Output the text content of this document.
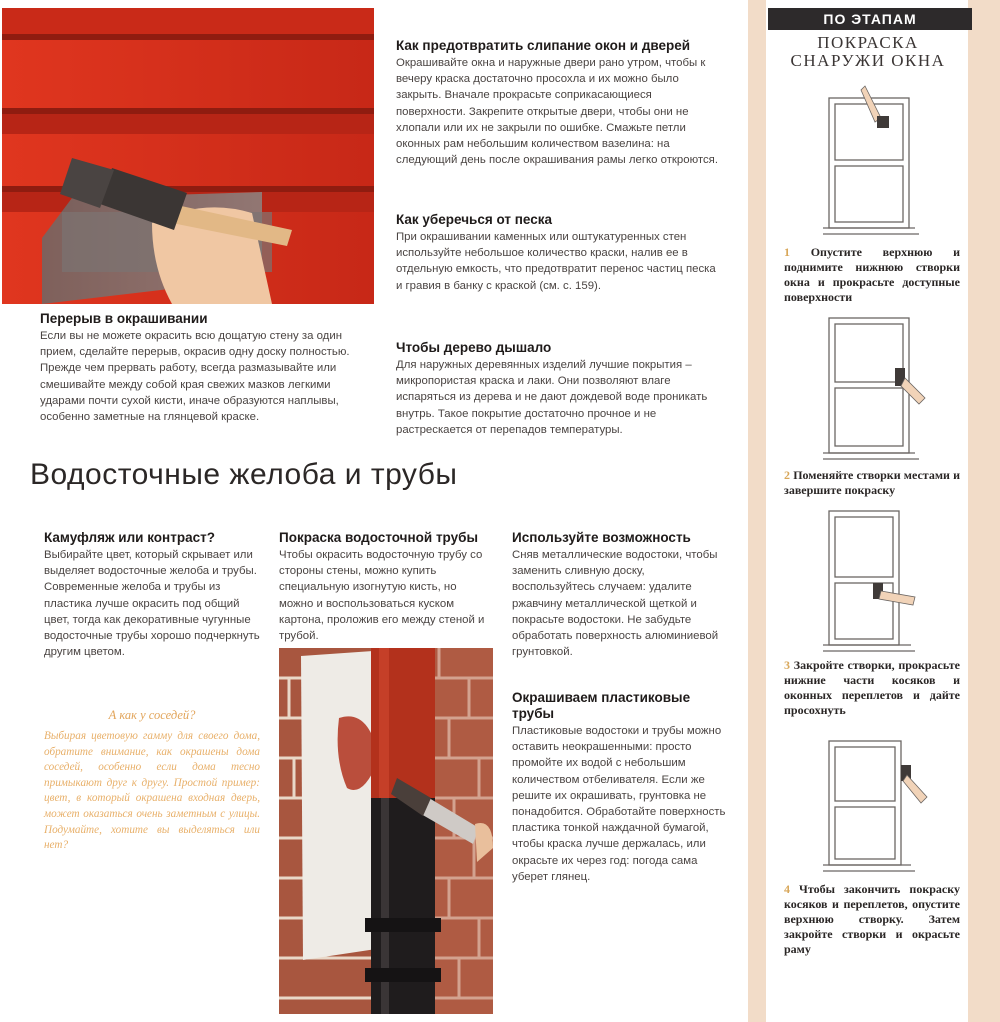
Перерыв в окрашивании

Если вы не можете окрасить всю дощатую стену за один прием, сделайте перерыв, окрасив одну доску полностью. Прежде чем прервать работу, всегда размазывайте или смешивайте между собой края свежих мазков легкими ударами почти сухой кисти, иначе образуются наплывы, особенно заметные на глянцевой краске.

Как предотвратить слипание окон и дверей

Окрашивайте окна и наружные двери рано утром, чтобы к вечеру краска достаточно просохла и их можно было закрыть. Вначале прокрасьте соприкасающиеся поверхности. Закрепите открытые двери, чтобы они не хлопали или их не закрыли по ошибке. Смажьте петли оконных рам небольшим количеством вазелина: на следующий день после окрашивания рамы легко откроются.

Как уберечься от песка

При окрашивании каменных или оштукатуренных стен используйте небольшое количество краски, налив ее в отдельную емкость, что предотвратит перенос частиц песка и гравия в банку с краской (см. с. 159).

Чтобы дерево дышало

Для наружных деревянных изделий лучшие покрытия – микропористая краска и лаки. Они позволяют влаге испаряться из дерева и не дают дождевой воде проникать внутрь. Такое покрытие достаточно прочное и не растрескается от перепадов температуры.

Водосточные желоба и трубы
Камуфляж или контраст?

Выбирайте цвет, который скрывает или выделяет водосточные желоба и трубы. Современные желоба и трубы из пластика лучше окрасить под общий цвет, тогда как декоративные чугунные водосточные трубы хорошо подчеркнуть другим цветом.

А как у соседей?

Выбирая цветовую гамму для своего дома, обратите внимание, как окрашены дома соседей, особенно если дома тесно примыкают друг к другу. Простой пример: цвет, в который окрашена входная дверь, может оказаться очень заметным с улицы. Подумайте, хотите вы выделяться или нет?

Покраска водосточной трубы

Чтобы окрасить водосточную трубу со стороны стены, можно купить специальную изогнутую кисть, но можно и воспользоваться куском картона, проложив его между стеной и трубой.

Используйте возможность

Сняв металлические водостоки, чтобы заменить сливную доску, воспользуйтесь случаем: удалите ржавчину металлической щеткой и покрасьте водостоки. Не забудьте обработать поверхность алюминиевой грунтовкой.

Окрашиваем пластиковые трубы

Пластиковые водостоки и трубы можно оставить неокрашенными: просто промойте их водой с небольшим количеством отбеливателя. Если же решите их окрашивать, грунтовка не понадобится. Обработайте поверхность пластика тонкой наждачной бумагой, чтобы краска лучше держалась, или окрасьте их через год: погода сама уберет глянец.

ПО ЭТАПАМ
ПОКРАСКА
СНАРУЖИ ОКНА
1 Опустите верхнюю и поднимите нижнюю створки окна и прокрасьте доступные поверхности
2 Поменяйте створки местами и завершите покраску
3 Закройте створки, прокрасьте нижние части косяков и оконных переплетов и дайте просохнуть
4 Чтобы закончить покраску косяков и переплетов, опустите верхнюю створку. Затем закройте створки и окрасьте раму
